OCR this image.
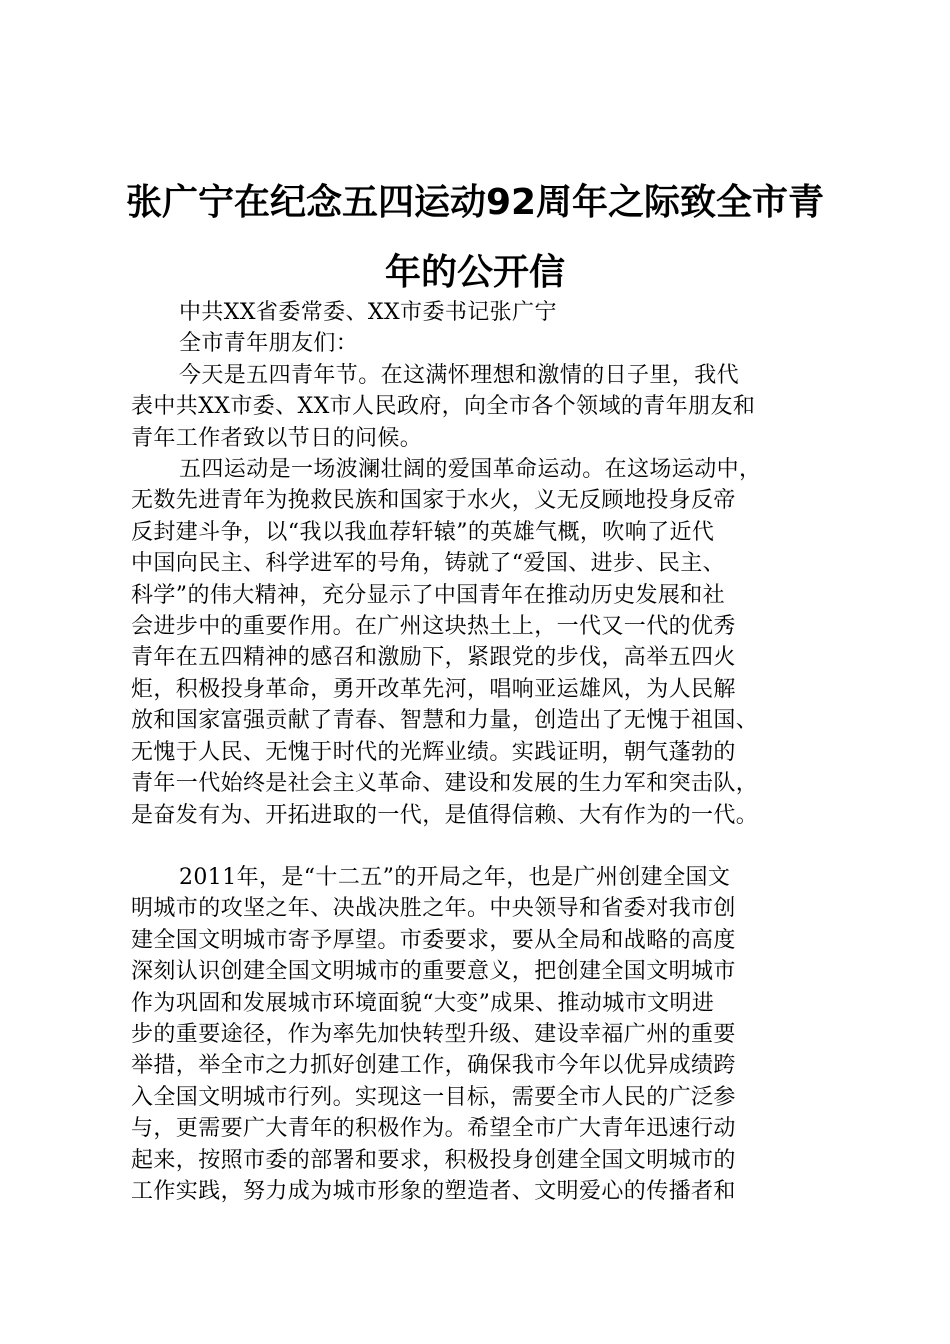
张广宁在纪念五四运动92周年之际致全市青
年的公开信
中共XX省委常委、XX市委书记张广宁
全市青年朋友们：
今天是五四青年节。在这满怀理想和激情的日子里，我代
表中共XX市委、XX市人民政府，向全市各个领域的青年朋友和
青年工作者致以节日的问候。
五四运动是一场波澜壮阔的爱国革命运动。在这场运动中，
无数先进青年为挽救民族和国家于水火，义无反顾地投身反帝
反封建斗争，以“我以我血荐轩辕”的英雄气概，吹响了近代
中国向民主、科学进军的号角，铸就了“爱国、进步、民主、
科学”的伟大精神，充分显示了中国青年在推动历史发展和社
会进步中的重要作用。在广州这块热土上，一代又一代的优秀
青年在五四精神的感召和激励下，紧跟党的步伐，高举五四火
炬，积极投身革命，勇开改革先河，唱响亚运雄风，为人民解
放和国家富强贡献了青春、智慧和力量，创造出了无愧于祖国、
无愧于人民、无愧于时代的光辉业绩。实践证明，朝气蓬勃的
青年一代始终是社会主义革命、建设和发展的生力军和突击队，
是奋发有为、开拓进取的一代，是值得信赖、大有作为的一代。
2011年，是“十二五”的开局之年，也是广州创建全国文
明城市的攻坚之年、决战决胜之年。中央领导和省委对我市创
建全国文明城市寄予厚望。市委要求，要从全局和战略的高度
深刻认识创建全国文明城市的重要意义，把创建全国文明城市
作为巩固和发展城市环境面貌“大变”成果、推动城市文明进
步的重要途径，作为率先加快转型升级、建设幸福广州的重要
举措，举全市之力抓好创建工作，确保我市今年以优异成绩跨
入全国文明城市行列。实现这一目标，需要全市人民的广泛参
与，更需要广大青年的积极作为。希望全市广大青年迅速行动
起来，按照市委的部署和要求，积极投身创建全国文明城市的
工作实践，努力成为城市形象的塑造者、文明爱心的传播者和
